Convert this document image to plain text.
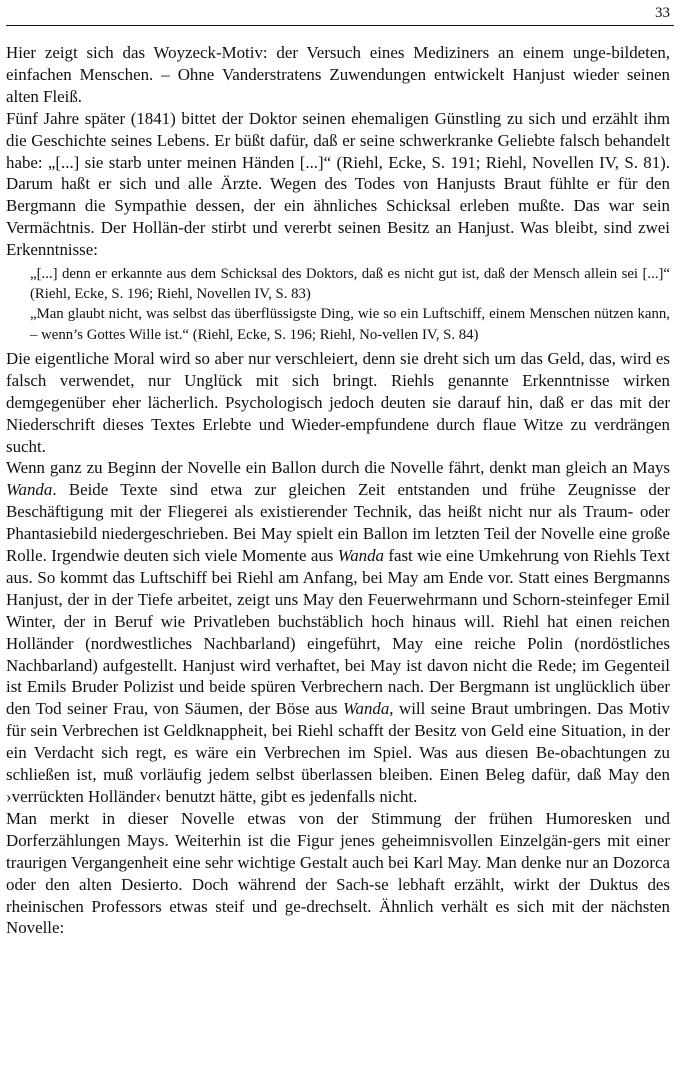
33

Hier zeigt sich das Woyzeck-Motiv: der Versuch eines Mediziners an einem unge-bildeten, einfachen Menschen. – Ohne Vanderstratens Zuwendungen entwickelt Hanjust wieder seinen alten Fleiß.

Fünf Jahre später (1841) bittet der Doktor seinen ehemaligen Günstling zu sich und erzählt ihm die Geschichte seines Lebens. Er büßt dafür, daß er seine schwerkranke Geliebte falsch behandelt habe: „[...] sie starb unter meinen Händen [...]“ (Riehl, Ecke, S. 191; Riehl, Novellen IV, S. 81). Darum haßt er sich und alle Ärzte. Wegen des Todes von Hanjusts Braut fühlte er für den Bergmann die Sympathie dessen, der ein ähnliches Schicksal erleben mußte. Das war sein Vermächtnis. Der Hollän-der stirbt und vererbt seinen Besitz an Hanjust. Was bleibt, sind zwei Erkenntnisse:

„[...] denn er erkannte aus dem Schicksal des Doktors, daß es nicht gut ist, daß der Mensch allein sei [...]“ (Riehl, Ecke, S. 196; Riehl, Novellen IV, S. 83)

„Man glaubt nicht, was selbst das überflüssigste Ding, wie so ein Luftschiff, einem Menschen nützen kann, – wenn’s Gottes Wille ist.“ (Riehl, Ecke, S. 196; Riehl, No-vellen IV, S. 84)

Die eigentliche Moral wird so aber nur verschleiert, denn sie dreht sich um das Geld, das, wird es falsch verwendet, nur Unglück mit sich bringt. Riehls genannte Erkenntnisse wirken demgegenüber eher lächerlich. Psychologisch jedoch deuten sie darauf hin, daß er das mit der Niederschrift dieses Textes Erlebte und Wieder-empfundene durch flaue Witze zu verdrängen sucht.

Wenn ganz zu Beginn der Novelle ein Ballon durch die Novelle fährt, denkt man gleich an Mays Wanda. Beide Texte sind etwa zur gleichen Zeit entstanden und frühe Zeugnisse der Beschäftigung mit der Fliegerei als existierender Technik, das heißt nicht nur als Traum- oder Phantasiebild niedergeschrieben. Bei May spielt ein Ballon im letzten Teil der Novelle eine große Rolle. Irgendwie deuten sich viele Momente aus Wanda fast wie eine Umkehrung von Riehls Text aus. So kommt das Luftschiff bei Riehl am Anfang, bei May am Ende vor. Statt eines Bergmanns Hanjust, der in der Tiefe arbeitet, zeigt uns May den Feuerwehrmann und Schorn-steinfeger Emil Winter, der in Beruf wie Privatleben buchstäblich hoch hinaus will. Riehl hat einen reichen Holländer (nordwestliches Nachbarland) eingeführt, May eine reiche Polin (nordöstliches Nachbarland) aufgestellt. Hanjust wird verhaftet, bei May ist davon nicht die Rede; im Gegenteil ist Emils Bruder Polizist und beide spüren Verbrechern nach. Der Bergmann ist unglücklich über den Tod seiner Frau, von Säumen, der Böse aus Wanda, will seine Braut umbringen. Das Motiv für sein Verbrechen ist Geldknappheit, bei Riehl schafft der Besitz von Geld eine Situation, in der ein Verdacht sich regt, es wäre ein Verbrechen im Spiel. Was aus diesen Be-obachtungen zu schließen ist, muß vorläufig jedem selbst überlassen bleiben. Einen Beleg dafür, daß May den ›verrückten Holländer‹ benutzt hätte, gibt es jedenfalls nicht.

Man merkt in dieser Novelle etwas von der Stimmung der frühen Humoresken und Dorferzählungen Mays. Weiterhin ist die Figur jenes geheimnisvollen Einzelgän-gers mit einer traurigen Vergangenheit eine sehr wichtige Gestalt auch bei Karl May. Man denke nur an Dozorca oder den alten Desierto. Doch während der Sach-se lebhaft erzählt, wirkt der Duktus des rheinischen Professors etwas steif und ge-drechselt. Ähnlich verhält es sich mit der nächsten Novelle:
